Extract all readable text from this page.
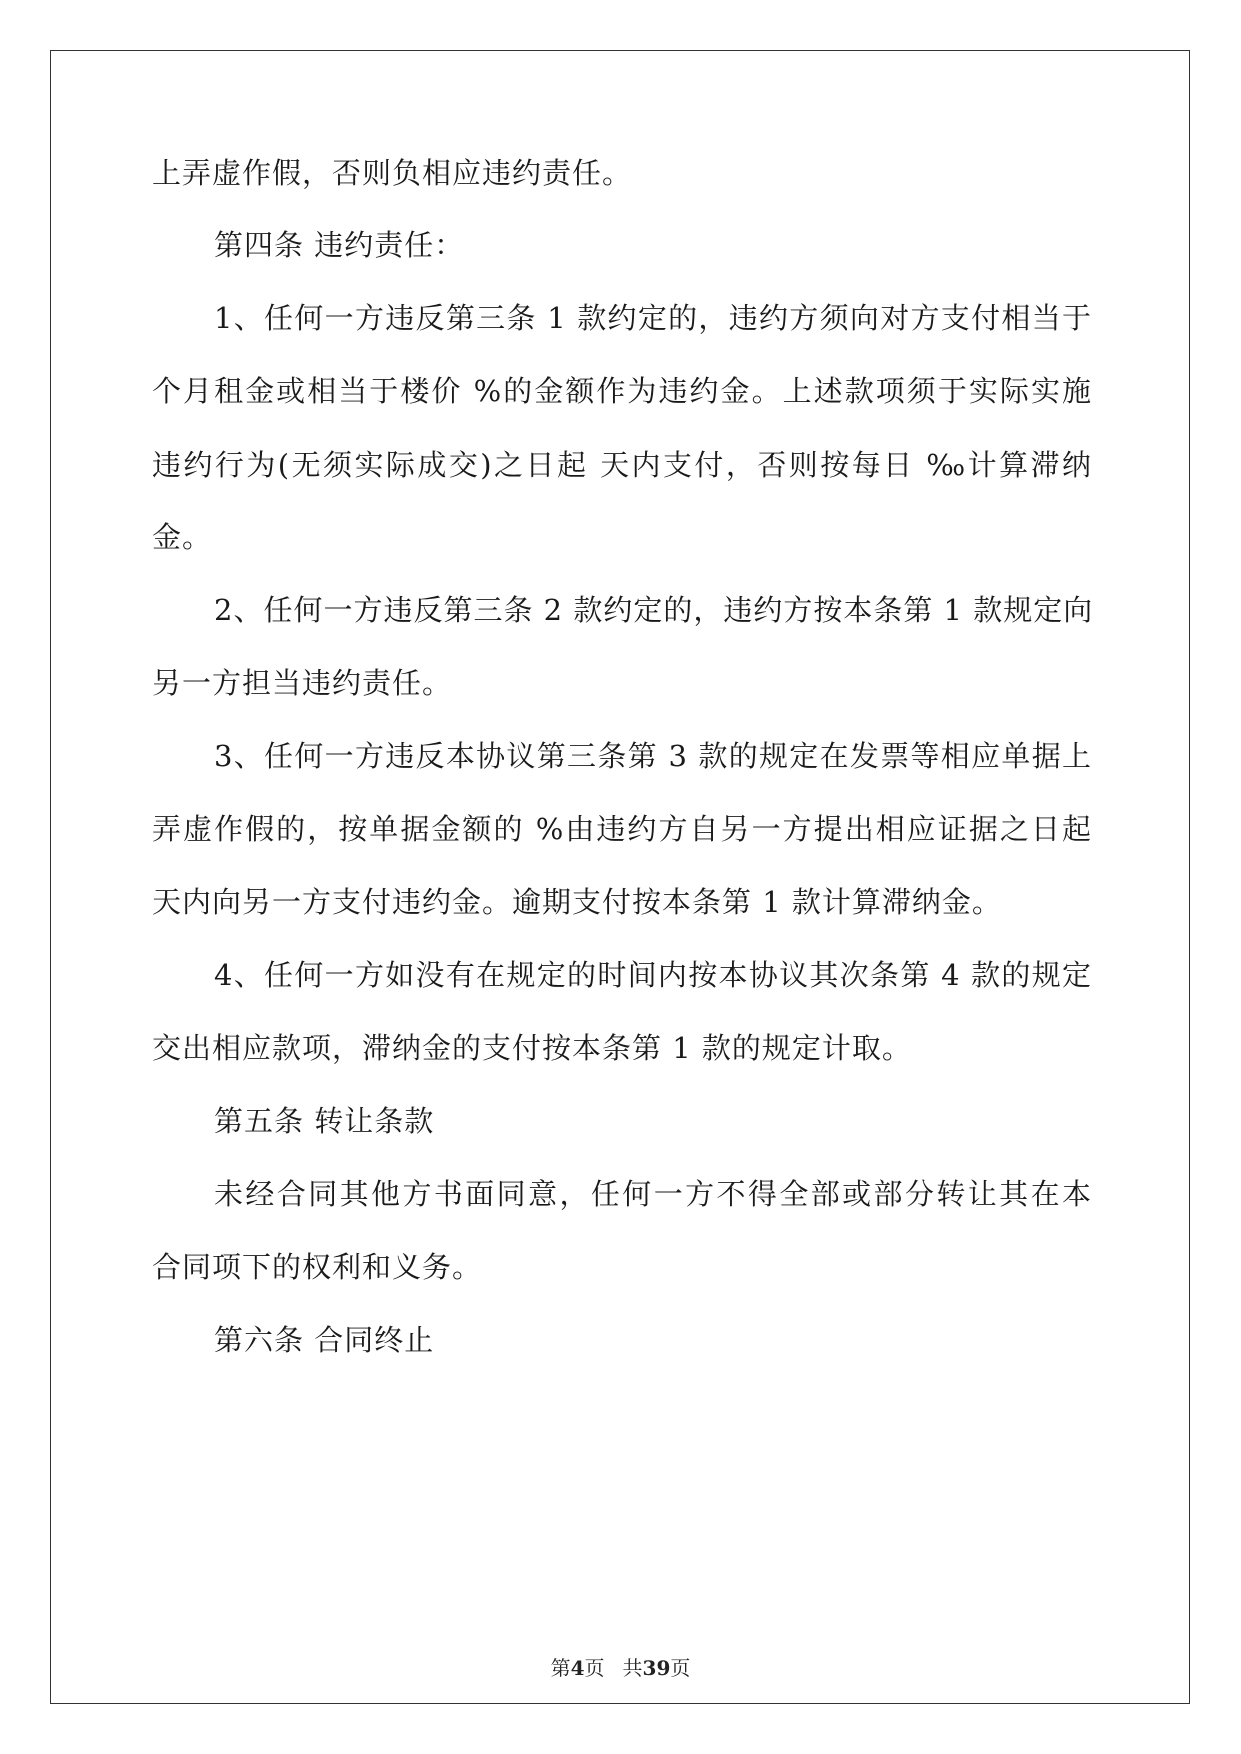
上弄虚作假，否则负相应违约责任。
第四条 违约责任：
1、任何一方违反第三条 1 款约定的，违约方须向对方支付相当于
个月租金或相当于楼价 %的金额作为违约金。上述款项须于实际实施
违约行为(无须实际成交)之日起 天内支付，否则按每日 ‰计算滞纳
金。
2、任何一方违反第三条 2 款约定的，违约方按本条第 1 款规定向
另一方担当违约责任。
3、任何一方违反本协议第三条第 3 款的规定在发票等相应单据上
弄虚作假的，按单据金额的 %由违约方自另一方提出相应证据之日起
天内向另一方支付违约金。逾期支付按本条第 1 款计算滞纳金。
4、任何一方如没有在规定的时间内按本协议其次条第 4 款的规定
交出相应款项，滞纳金的支付按本条第 1 款的规定计取。
第五条 转让条款
未经合同其他方书面同意，任何一方不得全部或部分转让其在本
合同项下的权利和义务。
第六条 合同终止
第4页 共39页
